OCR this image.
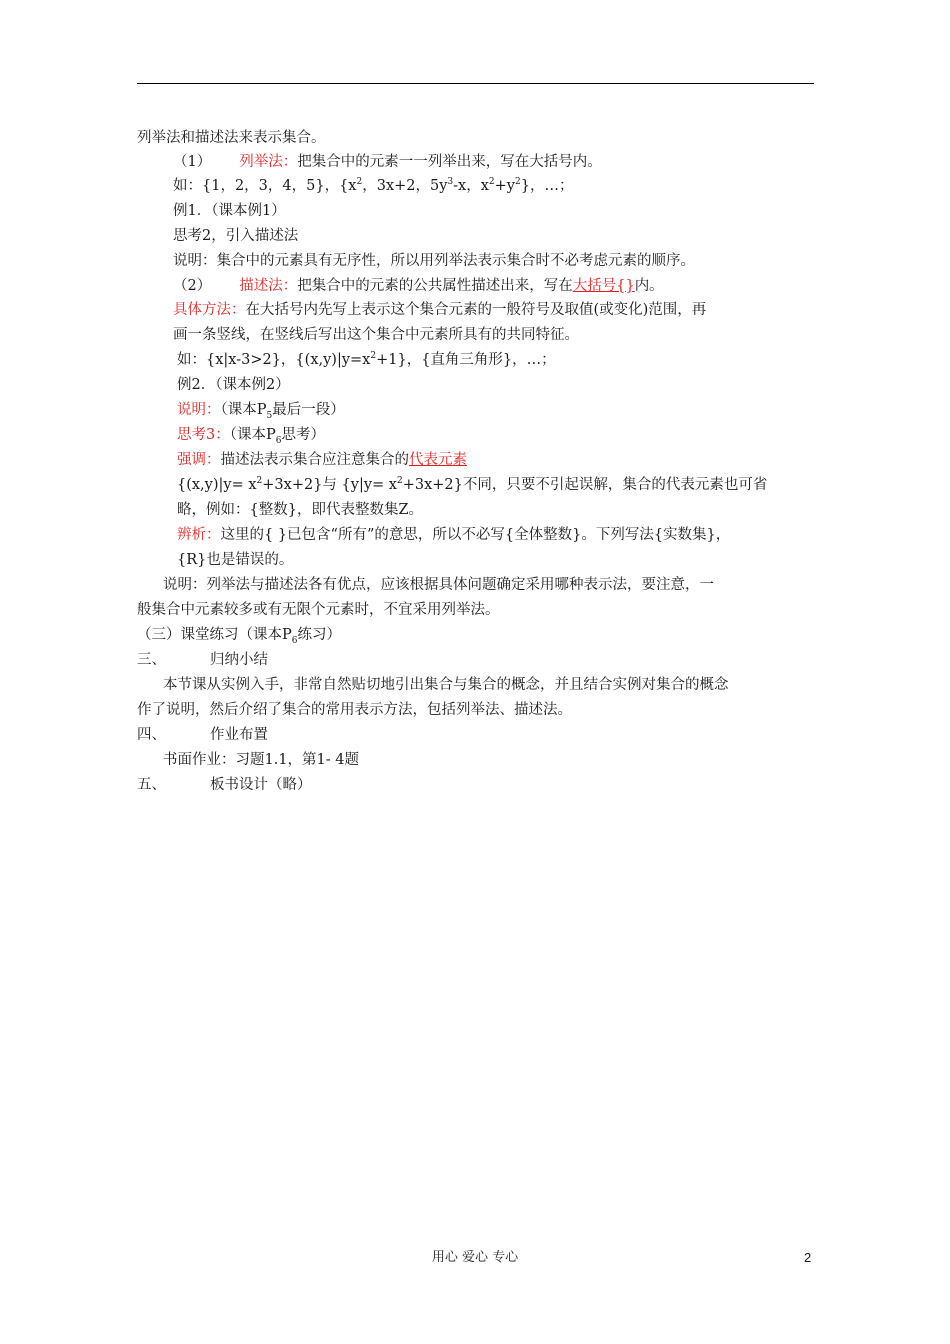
列举法和描述法来表示集合。
（1） 列举法：把集合中的元素一一列举出来，写在大括号内。
如：{1，2，3，4，5}，{$x^2$，3x+2，$5y^3-x$，$x^2+y^2$}，…；
例1．（课本例1）
思考2，引入描述法
说明：集合中的元素具有无序性，所以用列举法表示集合时不必考虑元素的顺序。
（2） 描述法：把集合中的元素的公共属性描述出来，写在大括号{}内。
具体方法：在大括号内先写上表示这个集合元素的一般符号及取值(或变化)范围，再
画一条竖线，在竖线后写出这个集合中元素所具有的共同特征。
如：{x|x-3>2}，$\{(x,y)|y=x^2+1\}$，{直角三角形}，…；
例2．（课本例2）
说明：（课本$P_5$最后一段）
思考3：（课本$P_6$思考）
强调：描述法表示集合应注意集合的代表元素
$\{(x,y)|y= x^2+3x+2\}$与 $\{y|y= x^2+3x+2\}$不同，只要不引起误解，集合的代表元素也可省
略，例如：{整数}，即代表整数集Z。
辨析：这里的{ }已包含“所有”的意思，所以不必写{全体整数}。下列写法{实数集}，
{R}也是错误的。
说明：列举法与描述法各有优点，应该根据具体问题确定采用哪种表示法，要注意，一
般集合中元素较多或有无限个元素时，不宜采用列举法。
（三）课堂练习（课本$P_6$练习）
三、	归纳小结
本节课从实例入手，非常自然贴切地引出集合与集合的概念，并且结合实例对集合的概念
作了说明，然后介绍了集合的常用表示方法，包括列举法、描述法。
四、	作业布置
书面作业：习题1.1，第1- 4题
五、	板书设计（略）
用心 爱心 专心	2
